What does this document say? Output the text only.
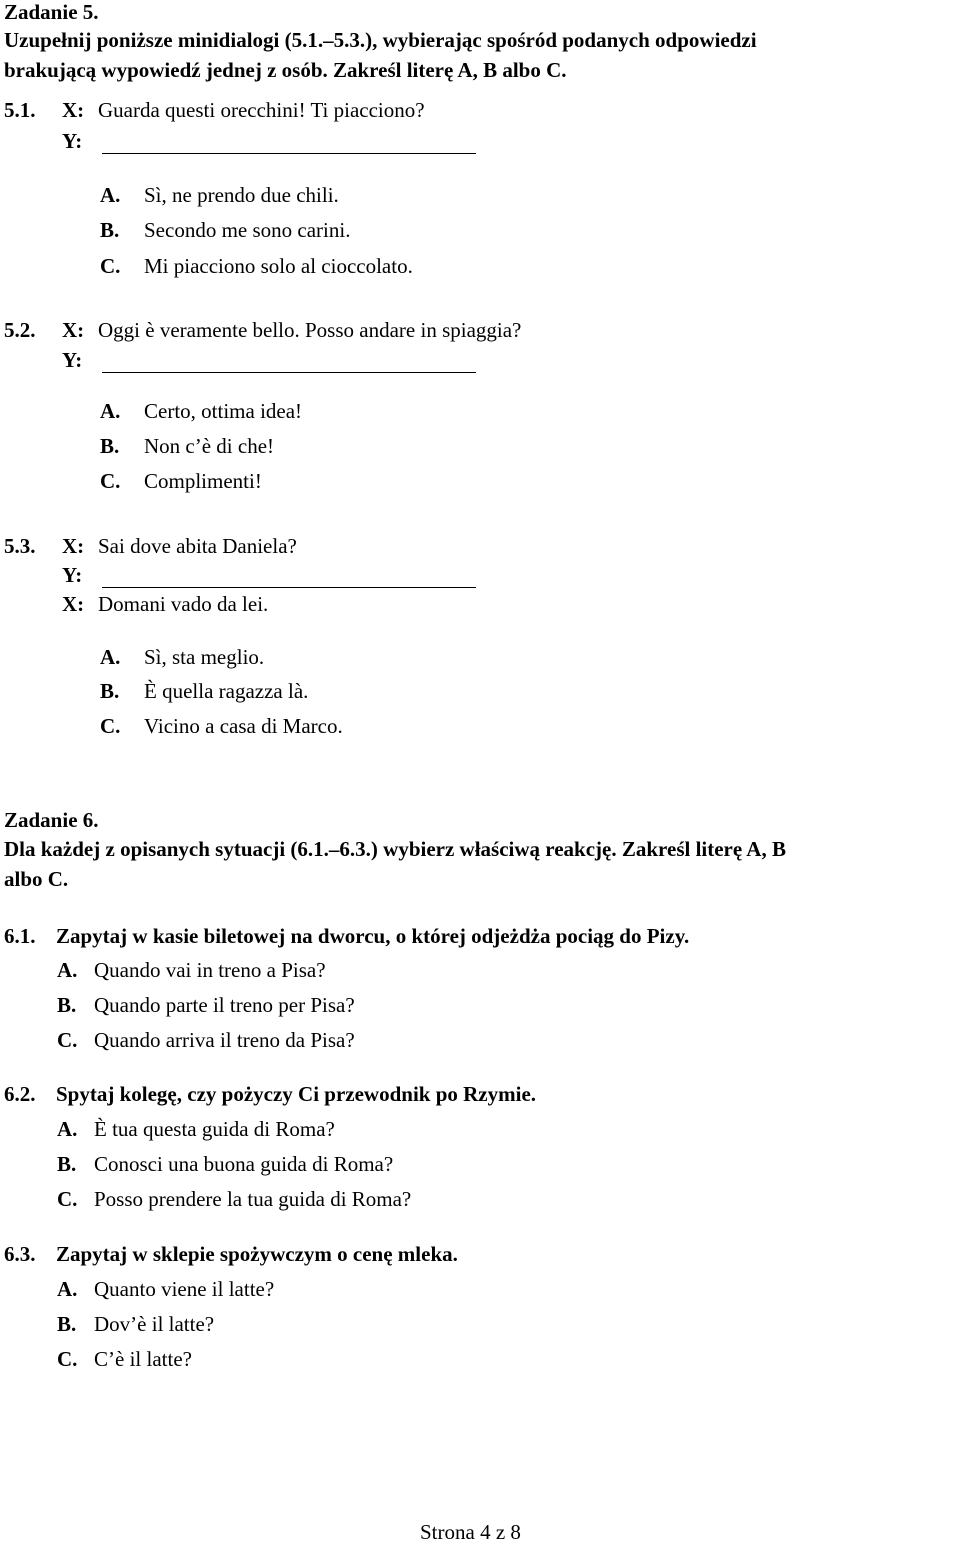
Zadanie 5.
Uzupełnij poniższe minidialogi (5.1.–5.3.), wybierając spośród podanych odpowiedzi
brakującą wypowiedź jednej z osób. Zakreśl literę A, B albo C.
5.1. X: Guarda questi orecchini! Ti piacciono?
Y:
A. Sì, ne prendo due chili.
B. Secondo me sono carini.
C. Mi piacciono solo al cioccolato.
5.2. X: Oggi è veramente bello. Posso andare in spiaggia?
Y:
A. Certo, ottima idea!
B. Non c’è di che!
C. Complimenti!
5.3. X: Sai dove abita Daniela?
Y:
X: Domani vado da lei.
A. Sì, sta meglio.
B. È quella ragazza là.
C. Vicino a casa di Marco.
Zadanie 6.
Dla każdej z opisanych sytuacji (6.1.–6.3.) wybierz właściwą reakcję. Zakreśl literę A, B
albo C.
6.1. Zapytaj w kasie biletowej na dworcu, o której odjeżdża pociąg do Pizy.
A. Quando vai in treno a Pisa?
B. Quando parte il treno per Pisa?
C. Quando arriva il treno da Pisa?
6.2. Spytaj kolegę, czy pożyczy Ci przewodnik po Rzymie.
A. È tua questa guida di Roma?
B. Conosci una buona guida di Roma?
C. Posso prendere la tua guida di Roma?
6.3. Zapytaj w sklepie spożywczym o cenę mleka.
A. Quanto viene il latte?
B. Dov’è il latte?
C. C’è il latte?
Strona 4 z 8
